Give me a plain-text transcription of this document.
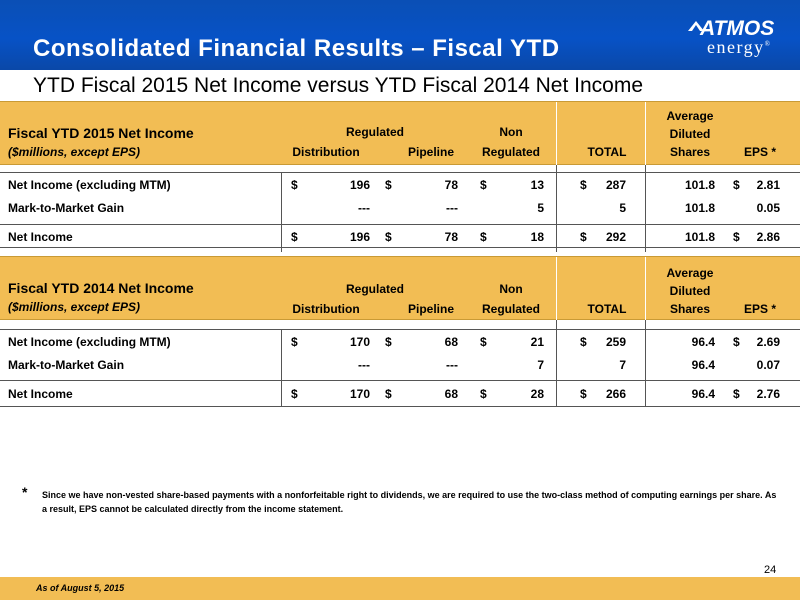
Consolidated Financial Results – Fiscal YTD
ATMOS
energy®
YTD Fiscal 2015 Net Income versus YTD Fiscal 2014 Net Income
Fiscal YTD 2015 Net Income
($millions, except EPS)
Regulated
Distribution	Pipeline
Non
Regulated	TOTAL
Average
Diluted
Shares	EPS *
Net Income (excluding MTM)	$	196 $	78 $	13	$	287	101.8 $	2.81
Mark-to-Market Gain	---	---	5	5	101.8	0.05
Net Income	$	196 $	78 $	18	$	292	101.8 $	2.86
Fiscal YTD 2014 Net Income
($millions, except EPS)
Regulated
Distribution	Pipeline
Non
Regulated	TOTAL
Average
Diluted
Shares	EPS *
Net Income (excluding MTM)	$	170 $	68 $	21	$	259	96.4 $	2.69
Mark-to-Market Gain	---	---	7	7	96.4	0.07
Net Income	$	170 $	68 $	28	$	266	96.4 $	2.76
* Since we have non-vested share-based payments with a nonforfeitable right to dividends, we are required to use the two-class method of computing earnings per share. As a result, EPS cannot be calculated directly from the income statement.
24
As of August 5, 2015
